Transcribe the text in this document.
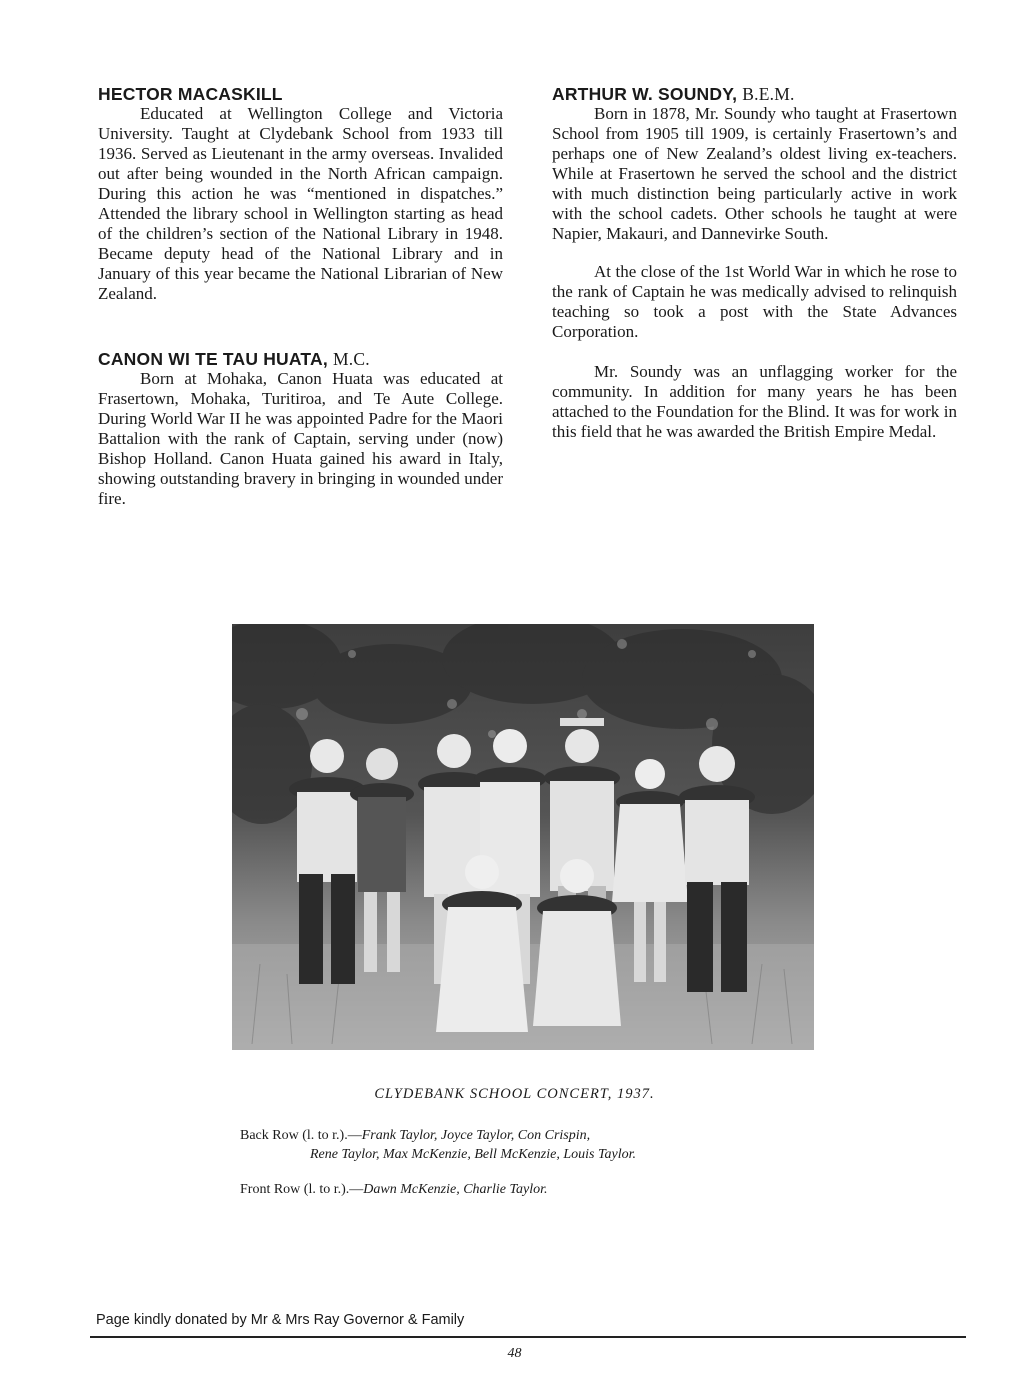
HECTOR MACASKILL

Educated at Wellington College and Victoria University. Taught at Clydebank School from 1933 till 1936. Served as Lieutenant in the army overseas. Invalided out after being wounded in the North African campaign. During this action he was “mentioned in dispatches.” Attended the library school in Wellington starting as head of the children’s section of the National Library in 1948. Became deputy head of the National Library and in January of this year became the National Librarian of New Zealand.

CANON WI TE TAU HUATA, M.C.

Born at Mohaka, Canon Huata was educated at Frasertown, Mohaka, Turitiroa, and Te Aute College. During World War II he was appointed Padre for the Maori Battalion with the rank of Captain, serving under (now) Bishop Holland. Canon Huata gained his award in Italy, showing outstanding bravery in bringing in wounded under fire.

ARTHUR W. SOUNDY, B.E.M.

Born in 1878, Mr. Soundy who taught at Frasertown School from 1905 till 1909, is certainly Frasertown’s and perhaps one of New Zealand’s oldest living ex-teachers. While at Frasertown he served the school and the district with much distinction being particularly active in work with the school cadets. Other schools he taught at were Napier, Makauri, and Dannevirke South.

At the close of the 1st World War in which he rose to the rank of Captain he was medically advised to relinquish teaching so took a post with the State Advances Corporation.

Mr. Soundy was an unflagging worker for the community. In addition for many years he has been attached to the Foundation for the Blind. It was for work in this field that he was awarded the British Empire Medal.

CLYDEBANK SCHOOL CONCERT, 1937.
Back Row (l. to r.).—Frank Taylor, Joyce Taylor, Con Crispin,
Rene Taylor, Max McKenzie, Bell McKenzie, Louis Taylor.
Front Row (l. to r.).—Dawn McKenzie, Charlie Taylor.
Page kindly donated by Mr & Mrs Ray Governor & Family
48
